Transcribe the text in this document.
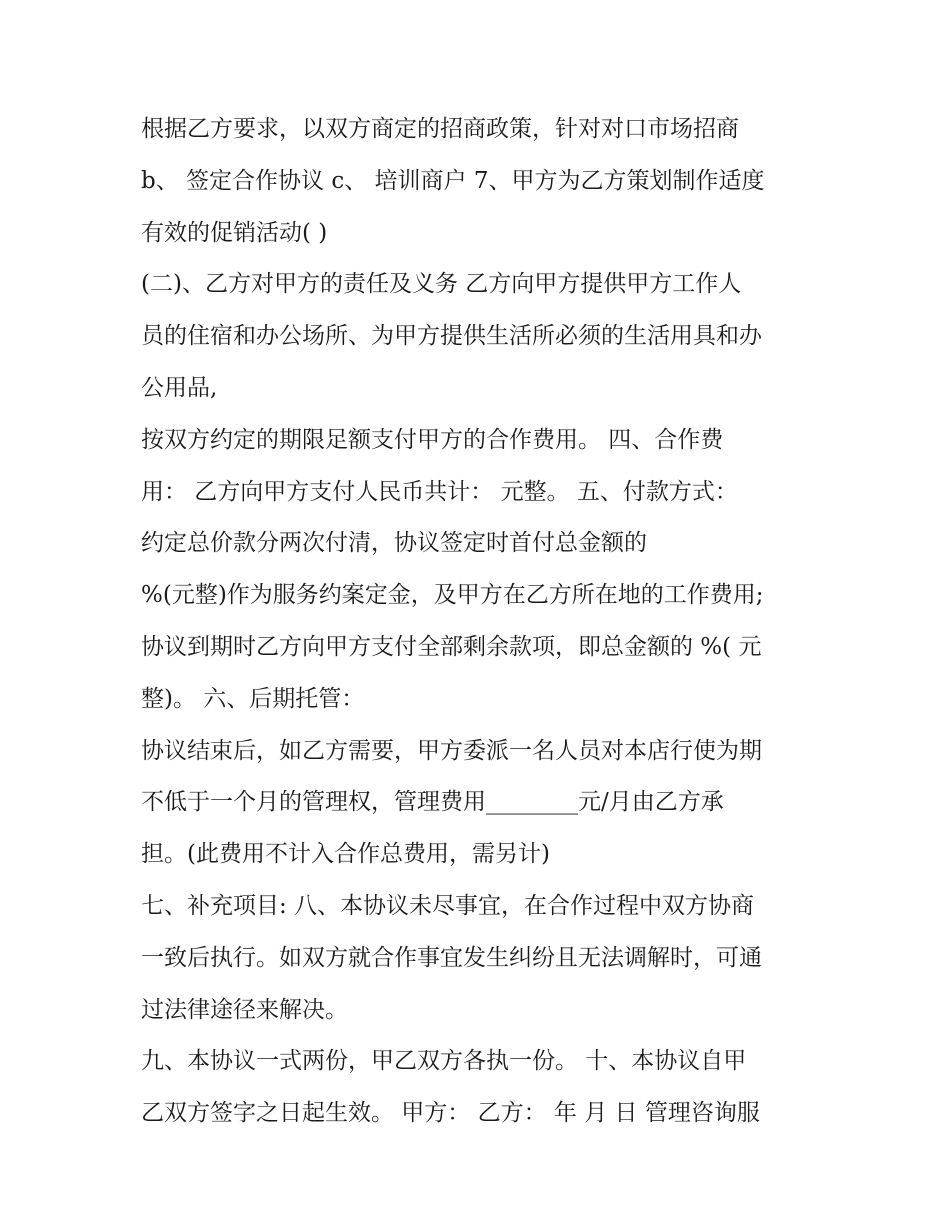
根据乙方要求，以双方商定的招商政策，针对对口市场招商
b、 签定合作协议 c、 培训商户 7、甲方为乙方策划制作适度
有效的促销活动( )
(二)、乙方对甲方的责任及义务 乙方向甲方提供甲方工作人
员的住宿和办公场所、为甲方提供生活所必须的生活用具和办
公用品,
按双方约定的期限足额支付甲方的合作费用。 四、合作费
用： 乙方向甲方支付人民币共计： 元整。 五、付款方式：
约定总价款分两次付清，协议签定时首付总金额的
%(元整)作为服务约案定金，及甲方在乙方所在地的工作费用;
协议到期时乙方向甲方支付全部剩余款项，即总金额的 %( 元
整)。 六、后期托管：
协议结束后，如乙方需要，甲方委派一名人员对本店行使为期
不低于一个月的管理权，管理费用________元/月由乙方承
担。(此费用不计入合作总费用，需另计)
七、补充项目: 八、本协议未尽事宜，在合作过程中双方协商
一致后执行。如双方就合作事宜发生纠纷且无法调解时，可通
过法律途径来解决。
九、本协议一式两份，甲乙双方各执一份。 十、本协议自甲
乙双方签字之日起生效。 甲方： 乙方： 年 月 日 管理咨询服
